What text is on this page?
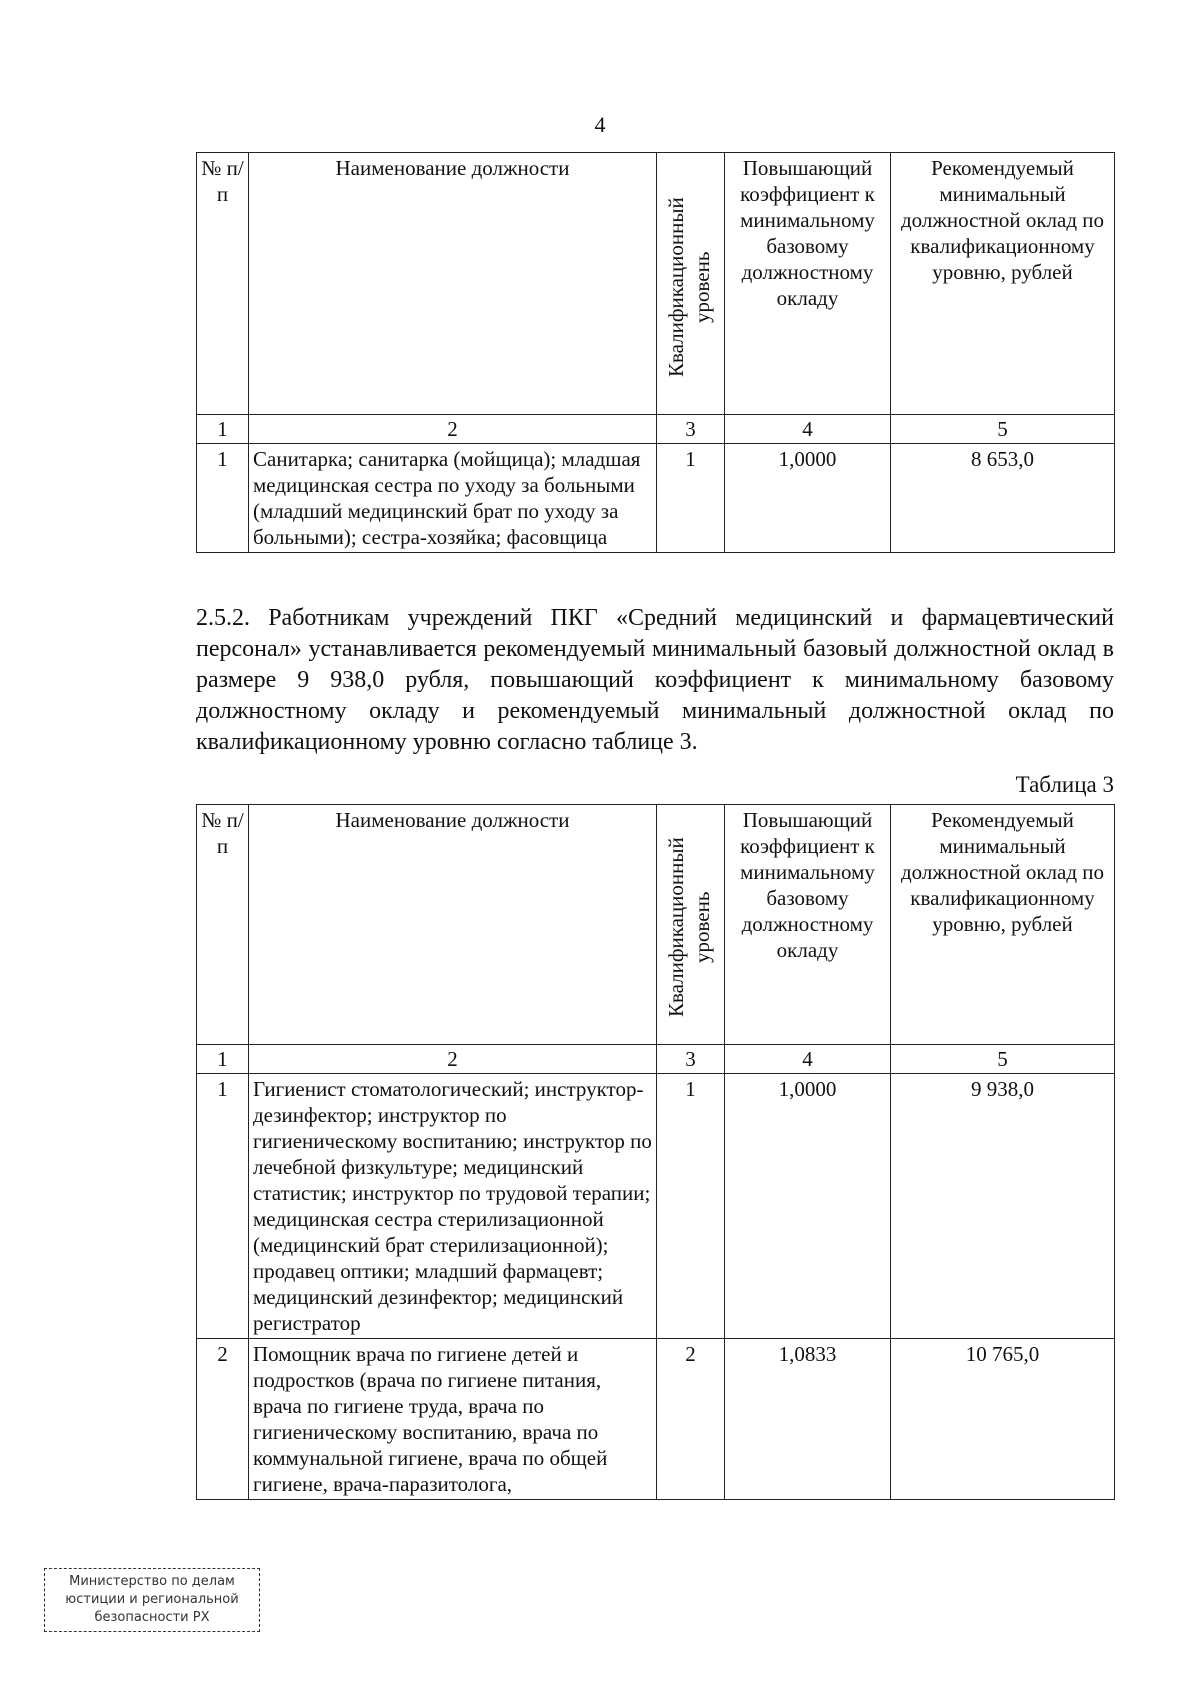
4
№ п/п	Наименование должности	Квалификационный уровень	Повышающий коэффициент к минимальному базовому должностному окладу	Рекомендуемый минимальный должностной оклад по квалификационному уровню, рублей
1	2	3	4	5
1	Санитарка; санитарка (мойщица); младшая медицинская сестра по уходу за больными (младший медицинский брат по уходу за больными); сестра-хозяйка; фасовщица	1	1,0000	8 653,0

2.5.2. Работникам учреждений ПКГ «Средний медицинский и фармацевтический персонал» устанавливается рекомендуемый минимальный базовый должностной оклад в размере 9 938,0 рубля, повышающий коэффициент к минимальному базовому должностному окладу и рекомендуемый минимальный должностной оклад по квалификационному уровню согласно таблице 3.

Таблица 3
№ п/п	Наименование должности	Квалификационный уровень	Повышающий коэффициент к минимальному базовому должностному окладу	Рекомендуемый минимальный должностной оклад по квалификационному уровню, рублей
1	2	3	4	5
1	Гигиенист стоматологический; инструктор-дезинфектор; инструктор по гигиеническому воспитанию; инструктор по лечебной физкультуре; медицинский статистик; инструктор по трудовой терапии; медицинская сестра стерилизационной (медицинский брат стерилизационной); продавец оптики; младший фармацевт; медицинский дезинфектор; медицинский регистратор	1	1,0000	9 938,0
2	Помощник врача по гигиене детей и подростков (врача по гигиене питания, врача по гигиене труда, врача по гигиеническому воспитанию, врача по коммунальной гигиене, врача по общей гигиене, врача-паразитолога,	2	1,0833	10 765,0
Министерство по делам
юстиции и региональной
безопасности РХ
